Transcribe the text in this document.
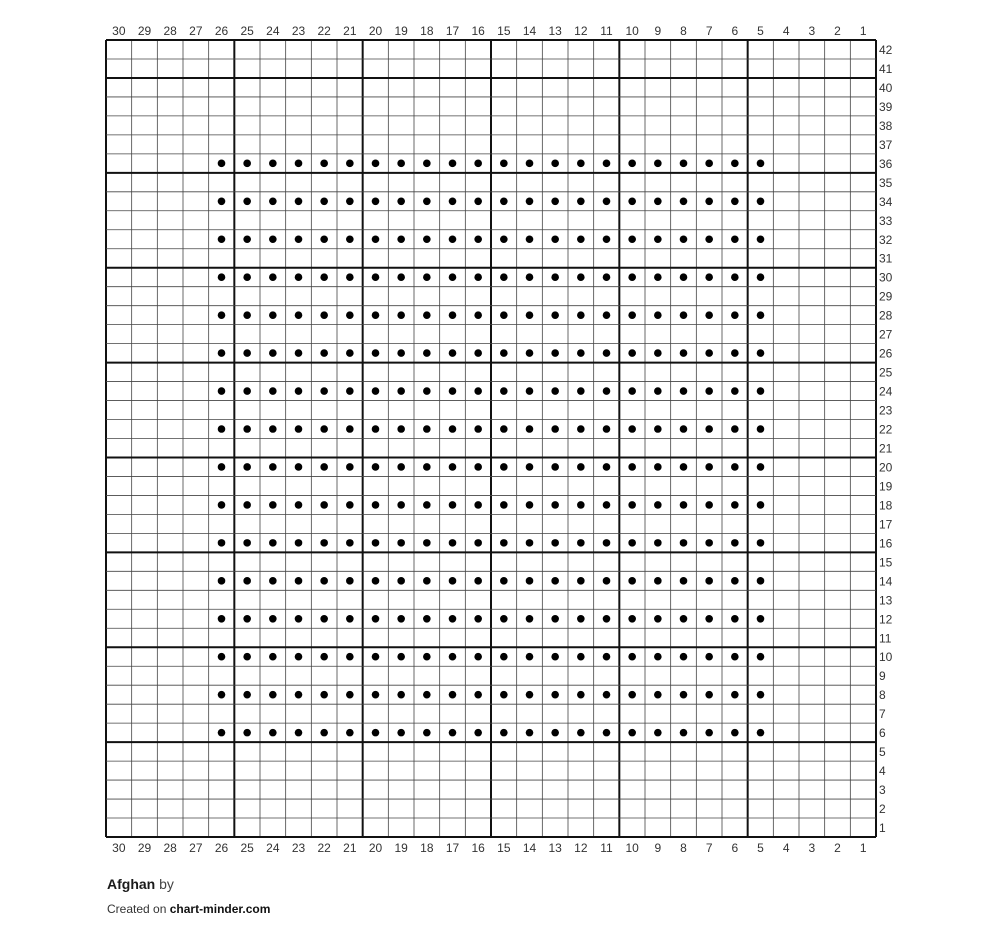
30 29 28 27 26 25 24 23 22 21 20 19 18 17 16 15 14 13 12 11 10 9 8 7 6 5 4 3 2 1
30 29 28 27 26 25 24 23 22 21 20 19 18 17 16 15 14 13 12 11 10 9 8 7 6 5 4 3 2 1
42
41
40
39
38
37
36
35
34
33
32
31
30
29
28
27
26
25
24
23
22
21
20
19
18
17
16
15
14
13
12
11
10
9
8
7
6
5
4
3
2
1
Afghan by
Created on chart-minder.com
